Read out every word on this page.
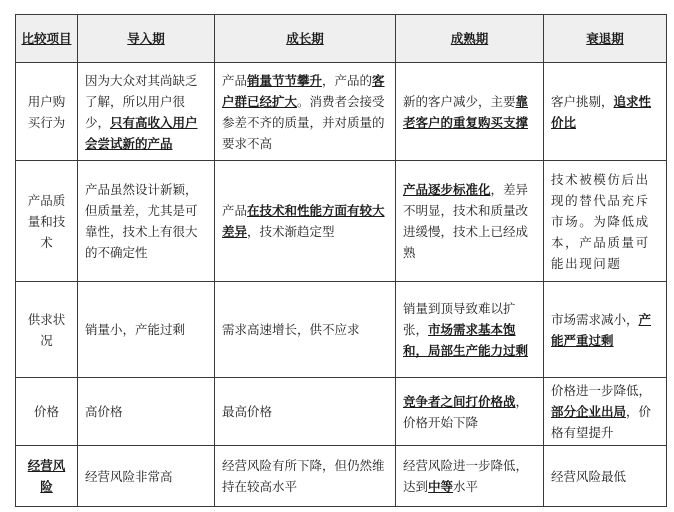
比较项目	导入期	成长期	成熟期	衰退期
用户购买行为	因为大众对其尚缺乏了解，所以用户很少，只有高收入用户会尝试新的产品	产品销量节节攀升，产品的客户群已经扩大。消费者会接受参差不齐的质量，并对质量的要求不高	新的客户减少，主要靠老客户的重复购买支撑	客户挑剔，追求性价比
产品质量和技术	产品虽然设计新颖，但质量差，尤其是可靠性，技术上有很大的不确定性	产品在技术和性能方面有较大差异，技术渐趋定型	产品逐步标准化，差异不明显，技术和质量改进缓慢，技术上已经成熟	技术被模仿后出现的替代品充斥市场。为降低成本，产品质量可能出现问题
供求状况	销量小，产能过剩	需求高速增长，供不应求	销量到顶导致难以扩张，市场需求基本饱和，局部生产能力过剩	市场需求减小，产能严重过剩
价格	高价格	最高价格	竞争者之间打价格战，价格开始下降	价格进一步降低，部分企业出局，价格有望提升
经营风险	经营风险非常高	经营风险有所下降，但仍然维持在较高水平	经营风险进一步降低，达到中等水平	经营风险最低
